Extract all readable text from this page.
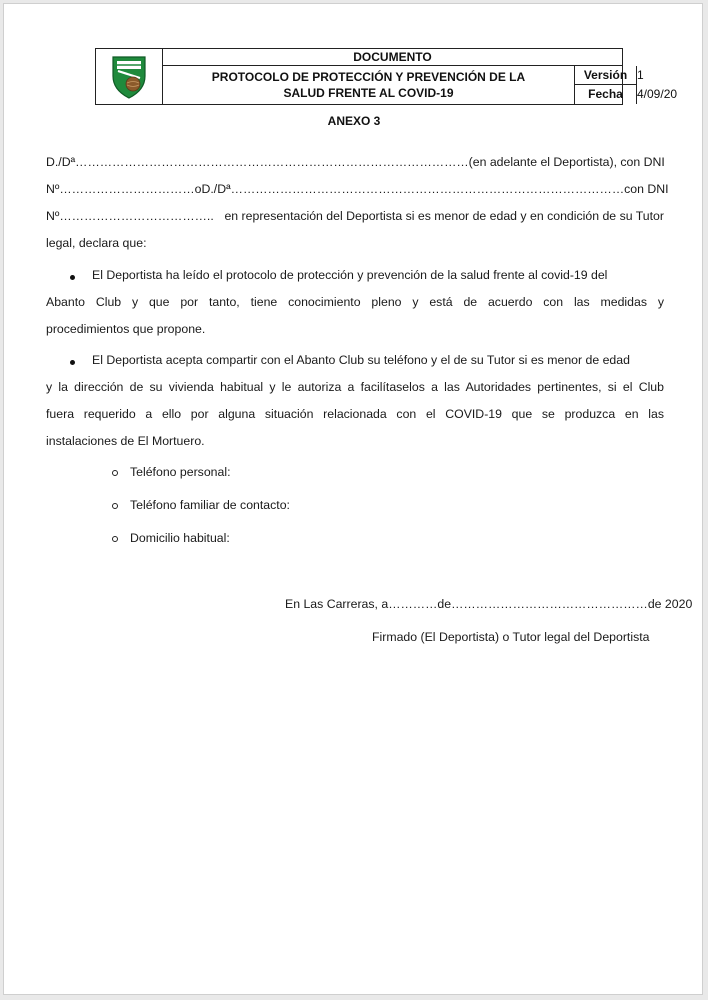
DOCUMENTO
PROTOCOLO DE PROTECCIÓN Y PREVENCIÓN DE LA
SALUD FRENTE AL COVID-19
Versión 1
Fecha	4/09/20
ANEXO 3
D./Dª …………………………………………………………………………………… (en adelante el Deportista), con DNI
Nº…………………………… o D./Dª …………………………………………………………………………………… con DNI
Nº……………………………….. en representación del Deportista si es menor de edad y en condición de su Tutor
legal, declara que:
El Deportista ha leído el protocolo de protección y prevención de la salud frente al covid-19 del
Abanto Club y que por tanto, tiene conocimiento pleno y está de acuerdo con las medidas y
procedimientos que propone.
El Deportista acepta compartir con el Abanto Club su teléfono y el de su Tutor si es menor de edad
y la dirección de su vivienda habitual y le autoriza a facilítaselos a las Autoridades pertinentes, si el Club
fuera requerido a ello por alguna situación relacionada con el COVID-19 que se produzca en las
instalaciones de El Mortuero.
Teléfono personal:
Teléfono familiar de contacto:
Domicilio habitual:
En Las Carreras, a ………… de ………………………………………… de 2020
Firmado (El Deportista) o Tutor legal del Deportista
